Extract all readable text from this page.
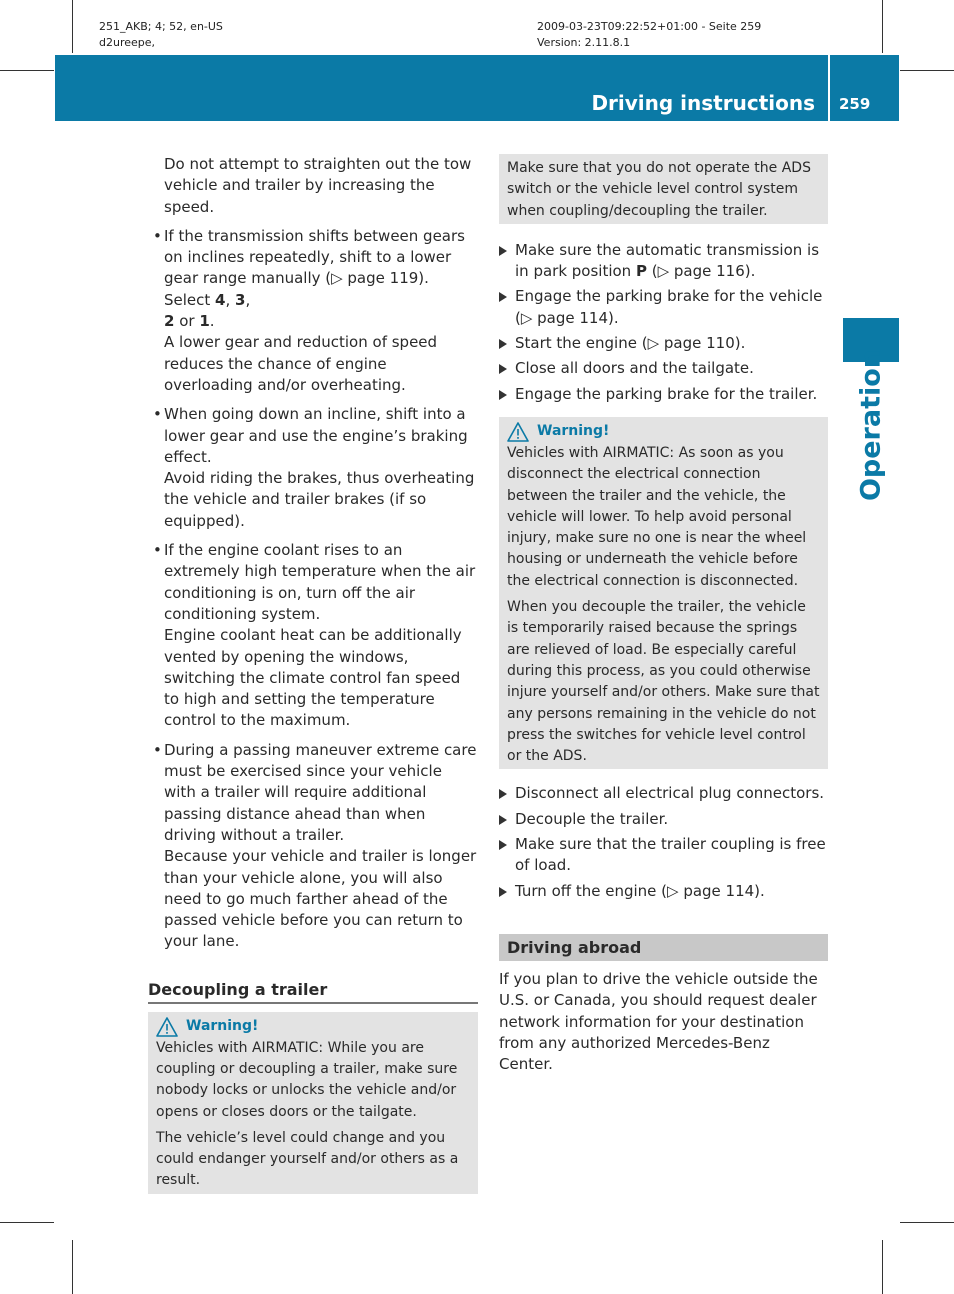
251_AKB; 4; 52, en-US
d2ureepe,
2009-03-23T09:22:52+01:00 - Seite 259
Version: 2.11.8.1
Driving instructions 259
Operation

Do not attempt to straighten out the tow vehicle and trailer by increasing the speed.

• If the transmission shifts between gears on inclines repeatedly, shift to a lower gear range manually (▷ page 119). Select 4, 3,
2 or 1.

A lower gear and reduction of speed reduces the chance of engine overloading and/or overheating.

• When going down an incline, shift into a lower gear and use the engine’s braking effect.

Avoid riding the brakes, thus overheating the vehicle and trailer brakes (if so equipped).

• If the engine coolant rises to an extremely high temperature when the air conditioning is on, turn off the air conditioning system.

Engine coolant heat can be additionally vented by opening the windows, switching the climate control fan speed to high and setting the temperature control to the maximum.

• During a passing maneuver extreme care must be exercised since your vehicle with a trailer will require additional passing distance ahead than when driving without a trailer.

Because your vehicle and trailer is longer than your vehicle alone, you will also need to go much farther ahead of the passed vehicle before you can return to your lane.

Decoupling a trailer
Warning!

Vehicles with AIRMATIC: While you are coupling or decoupling a trailer, make sure nobody locks or unlocks the vehicle and/or opens or closes doors or the tailgate.

The vehicle’s level could change and you could endanger yourself and/or others as a result.

Make sure that you do not operate the ADS switch or the vehicle level control system when coupling/decoupling the trailer.

Make sure the automatic transmission is in park position P (▷ page 116).

Engage the parking brake for the vehicle (▷ page 114).

Start the engine (▷ page 110).

Close all doors and the tailgate.

Engage the parking brake for the trailer.

Warning!

Vehicles with AIRMATIC: As soon as you disconnect the electrical connection between the trailer and the vehicle, the vehicle will lower. To help avoid personal injury, make sure no one is near the wheel housing or underneath the vehicle before the electrical connection is disconnected.

When you decouple the trailer, the vehicle is temporarily raised because the springs are relieved of load. Be especially careful during this process, as you could otherwise injure yourself and/or others. Make sure that any persons remaining in the vehicle do not press the switches for vehicle level control or the ADS.

Disconnect all electrical plug connectors.

Decouple the trailer.

Make sure that the trailer coupling is free of load.

Turn off the engine (▷ page 114).

Driving abroad

If you plan to drive the vehicle outside the U.S. or Canada, you should request dealer network information for your destination from any authorized Mercedes-Benz Center.
